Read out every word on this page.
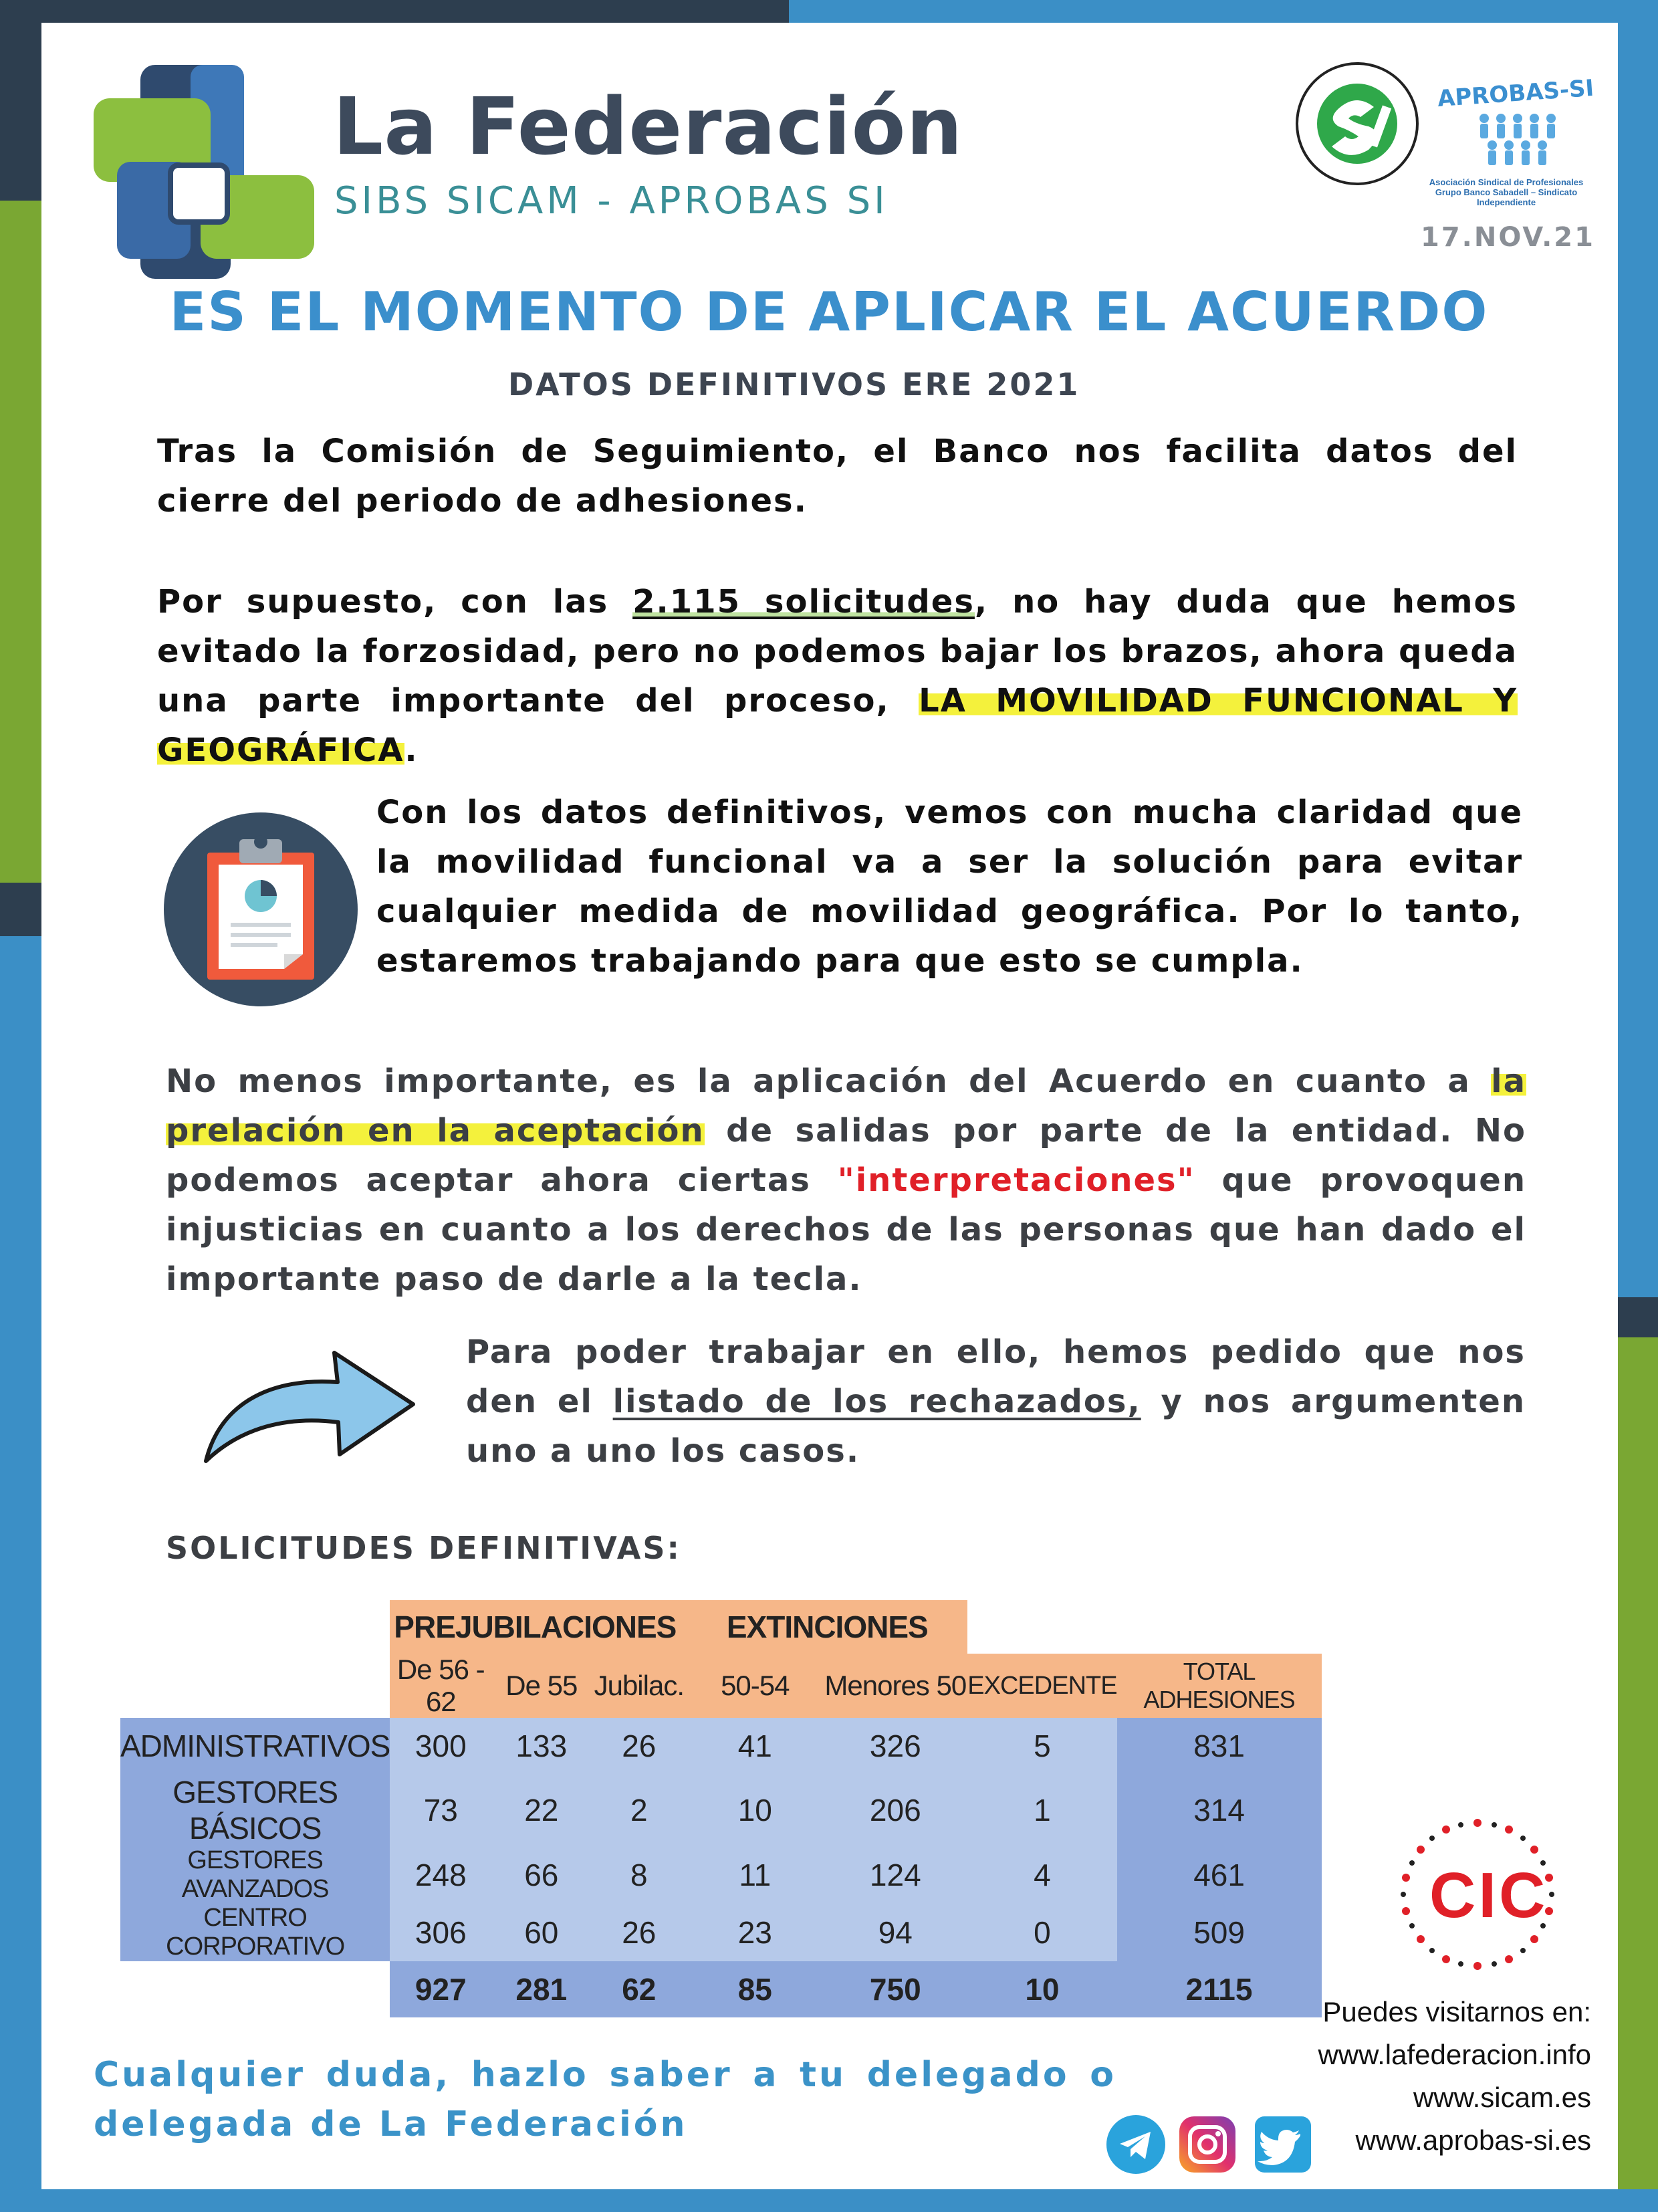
La Federación
SIBS SICAM - APROBAS SI
APROBAS-SI
Asociación Sindical de Profesionales
Grupo Banco Sabadell – Sindicato
Independiente
17.NOV.21
ES EL MOMENTO DE APLICAR EL ACUERDO
DATOS DEFINITIVOS ERE 2021
Tras la Comisión de Seguimiento, el Banco nos facilita datos del cierre del periodo de adhesiones.
Por supuesto, con las 2.115 solicitudes, no hay duda que hemos evitado la forzosidad, pero no podemos bajar los brazos, ahora queda una parte importante del proceso, LA MOVILIDAD FUNCIONAL Y GEOGRÁFICA.
Con los datos definitivos, vemos con mucha claridad que la movilidad funcional va a ser la solución para evitar cualquier medida de movilidad geográfica. Por lo tanto, estaremos trabajando para que esto se cumpla.
No menos importante, es la aplicación del Acuerdo en cuanto a la prelación en la aceptación de salidas por parte de la entidad. No podemos aceptar ahora ciertas "interpretaciones" que provoquen injusticias en cuanto a los derechos de las personas que han dado el importante paso de darle a la tecla.
Para poder trabajar en ello, hemos pedido que nos den el listado de los rechazados, y nos argumenten uno a uno los casos.
SOLICITUDES DEFINITIVAS:
	PREJUBILACIONES			EXTINCIONES			
	De 56 - 62	De 55	Jubilac.	50-54	Menores 50	EXCEDENTE	TOTAL ADHESIONES
ADMINISTRATIVOS	300	133	26	41	326	5	831
GESTORES BÁSICOS	73	22	2	10	206	1	314
GESTORES AVANZADOS	248	66	8	11	124	4	461
CENTRO CORPORATIVO	306	60	26	23	94	0	509
	927	281	62	85	750	10	2115
CIC
Cualquier duda, hazlo saber a tu delegado o delegada de La Federación
Puedes visitarnos en:
www.lafederacion.info
www.sicam.es
www.aprobas-si.es
